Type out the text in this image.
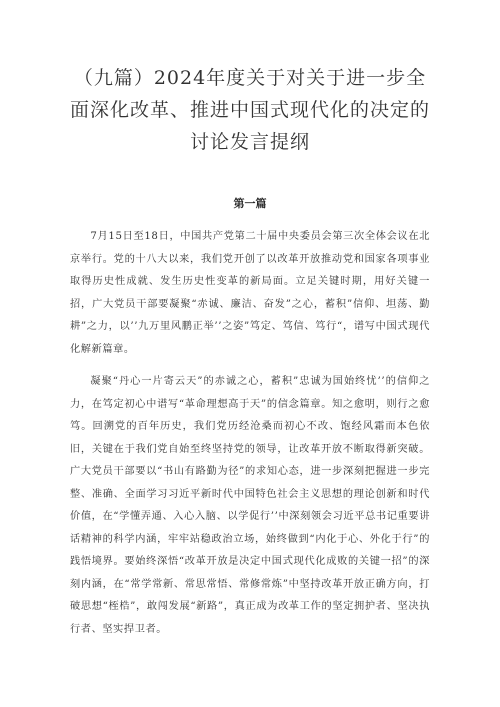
（九篇）2024年度关于对关于进一步全面深化改革、推进中国式现代化的决定的讨论发言提纲
第一篇

7月15日至18日，中国共产党第二十届中央委员会第三次全体会议在北京举行。党的十八大以来，我们党开创了以改革开放推动党和国家各项事业取得历史性成就、发生历史性变革的新局面。立足关键时期，用好关键一招，广大党员干部要凝聚“赤诚、廉洁、奋发”之心，蓄积”信仰、坦荡、勤耕”之力，以’’九万里风鹏正举’’之姿”笃定、笃信、笃行“，谱写中国式现代化解新篇章。

凝聚“丹心一片寄云天”的赤诚之心，蓄积”忠诚为国始终忧’’的信仰之力，在笃定初心中谱写“革命理想高于天”的信念篇章。知之愈明，则行之愈笃。回溯党的百年历史，我们党历经沧桑而初心不改、饱经风霜而本色依旧，关键在于我们党自始至终坚持党的领导，让改革开放不断取得新突破。广大党员干部要以“书山有路勤为径”的求知心态，进一步深刻把握进一步完整、准确、全面学习习近平新时代中国特色社会主义思想的理论创新和时代价值，在“学懂弄通、入心入脑、以学促行’’中深刻领会习近平总书记重要讲话精神的科学内涵，牢牢站稳政治立场，始终做到“内化于心、外化于行”的践悟境界。要始终深悟“改革开放是决定中国式现代化成败的关键一招”的深刻内涵，在“常学常新、常思常悟、常修常炼”中坚持改革开放正确方向，打破思想“桎梏”，敢闯发展“新路”，真正成为改革工作的坚定拥护者、坚决执行者、坚实捍卫者。
